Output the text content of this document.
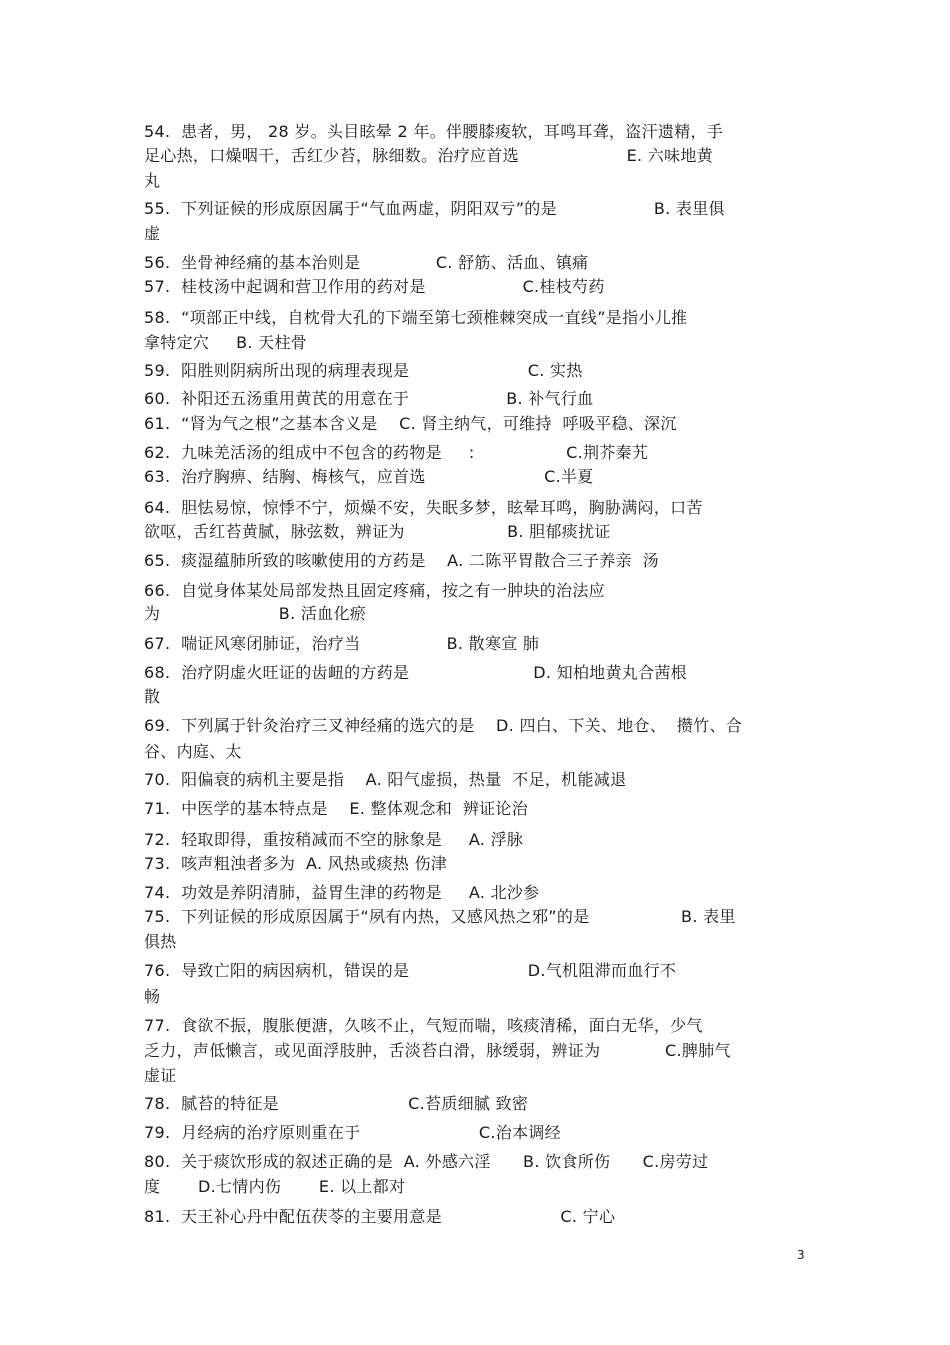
54.  患者，男， 28 岁。头目眩晕 2 年。伴腰膝痠软，耳鸣耳聋，盗汗遗精，手
足心热，口燥咽干，舌红少苔，脉细数。治疗应首选                    E. 六味地黄
丸
55.  下列证候的形成原因属于“气血两虚，阴阳双亏”的是                  B. 表里俱
虚
56.  坐骨神经痛的基本治则是              C. 舒筋、活血、镇痛
57.  桂枝汤中起调和营卫作用的药对是                  C.桂枝芍药
58.  “项部正中线，自枕骨大孔的下端至第七颈椎棘突成一直线”是指小儿推
拿特定穴     B. 天柱骨
59.  阳胜则阴病所出现的病理表现是                      C. 实热
60.  补阳还五汤重用黄芪的用意在于                  B. 补气行血
61.  “肾为气之根”之基本含义是    C. 肾主纳气，可维持  呼吸平稳、深沉
62.  九味羌活汤的组成中不包含的药物是     :                 C.荆芥秦艽
63.  治疗胸痹、结胸、梅核气，应首选                      C.半夏
64.  胆怯易惊，惊悸不宁，烦燥不安，失眠多梦，眩晕耳鸣，胸胁满闷，口苦
欲呕，舌红苔黄腻，脉弦数，辨证为                   B. 胆郁痰扰证
65.  痰湿蕴肺所致的咳嗽使用的方药是    A. 二陈平胃散合三子养亲  汤
66.  自觉身体某处局部发热且固定疼痛，按之有一肿块的治法应
为                      B. 活血化瘀
67.  喘证风寒闭肺证，治疗当                B. 散寒宣 肺
68.  治疗阴虚火旺证的齿衄的方药是                       D. 知柏地黄丸合茜根
散
69.  下列属于针灸治疗三叉神经痛的选穴的是    D. 四白、下关、地仓、  攒竹、合
谷、内庭、太
70.  阳偏衰的病机主要是指    A. 阳气虚损，热量  不足，机能减退
71.  中医学的基本特点是    E. 整体观念和  辨证论治
72.  轻取即得，重按稍减而不空的脉象是     A. 浮脉
73.  咳声粗浊者多为  A. 风热或痰热 伤津
74.  功效是养阴清肺，益胃生津的药物是     A. 北沙参
75.  下列证候的形成原因属于“夙有内热，又感风热之邪”的是                 B. 表里
俱热
76.  导致亡阳的病因病机，错误的是                      D.气机阻滞而血行不
畅
77.  食欲不振，腹胀便溏，久咳不止，气短而喘，咳痰清稀，面白无华，少气
乏力，声低懒言，或见面浮肢肿，舌淡苔白滑，脉缓弱，辨证为            C.脾肺气
虚证
78.  腻苔的特征是                        C.苔质细腻 致密
79.  月经病的治疗原则重在于                      C.治本调经
80.  关于痰饮形成的叙述正确的是  A. 外感六淫      B. 饮食所伤      C.房劳过
度       D.七情内伤       E. 以上都对
81.  天王补心丹中配伍茯苓的主要用意是                      C. 宁心
3
